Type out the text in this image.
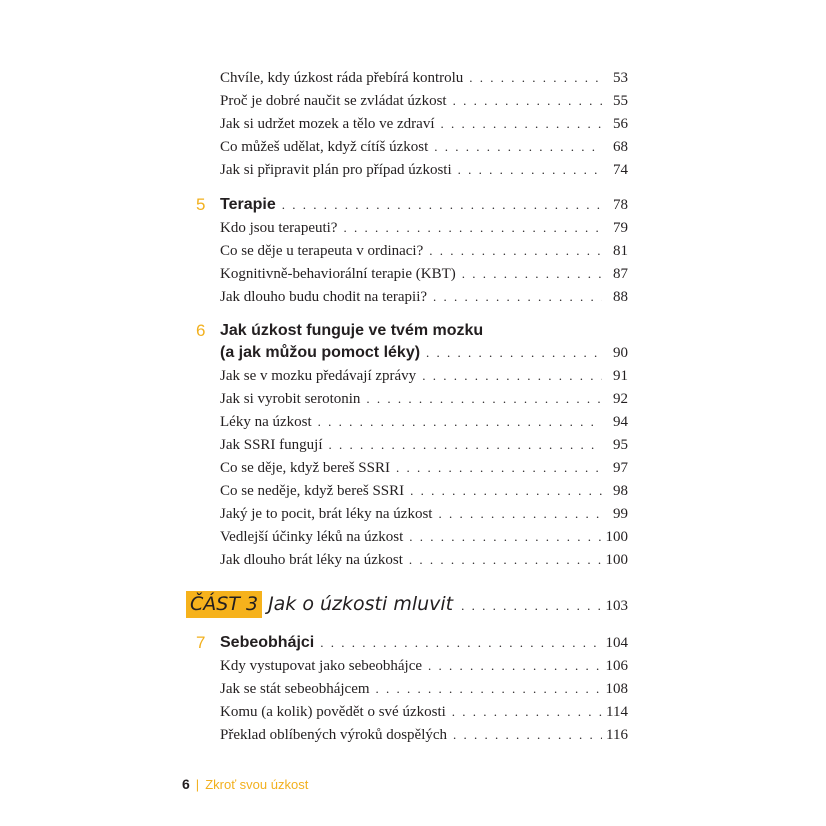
Chvíle, kdy úzkost ráda přebírá kontrolu . . .	53
Proč je dobré naučit se zvládat úzkost . . .	55
Jak si udržet mozek a tělo ve zdraví . . .	56
Co můžeš udělat, když cítíš úzkost . . .	68
Jak si připravit plán pro případ úzkosti . . .	74
5 Terapie . . .	78
Kdo jsou terapeuti? . . .	79
Co se děje u terapeuta v ordinaci? . . .	81
Kognitivně-behaviorální terapie (KBT) . . .	87
Jak dlouho budu chodit na terapii? . . .	88
6 Jak úzkost funguje ve tvém mozku
(a jak můžou pomoct léky) . . .	90
Jak se v mozku předávají zprávy . . .	91
Jak si vyrobit serotonin . . .	92
Léky na úzkost . . .	94
Jak SSRI fungují . . .	95
Co se děje, když bereš SSRI . . .	97
Co se neděje, když bereš SSRI . . .	98
Jaký je to pocit, brát léky na úzkost . . .	99
Vedlejší účinky léků na úzkost . . .	100
Jak dlouho brát léky na úzkost . . .	100
ČÁST 3 Jak o úzkosti mluvit . . .	103
7 Sebeobhájci . . .	104
Kdy vystupovat jako sebeobhájce . . .	106
Jak se stát sebeobhájcem . . .	108
Komu (a kolik) povědět o své úzkosti . . .	114
Překlad oblíbených výroků dospělých . . .	116
6 | Zkroť svou úzkost
